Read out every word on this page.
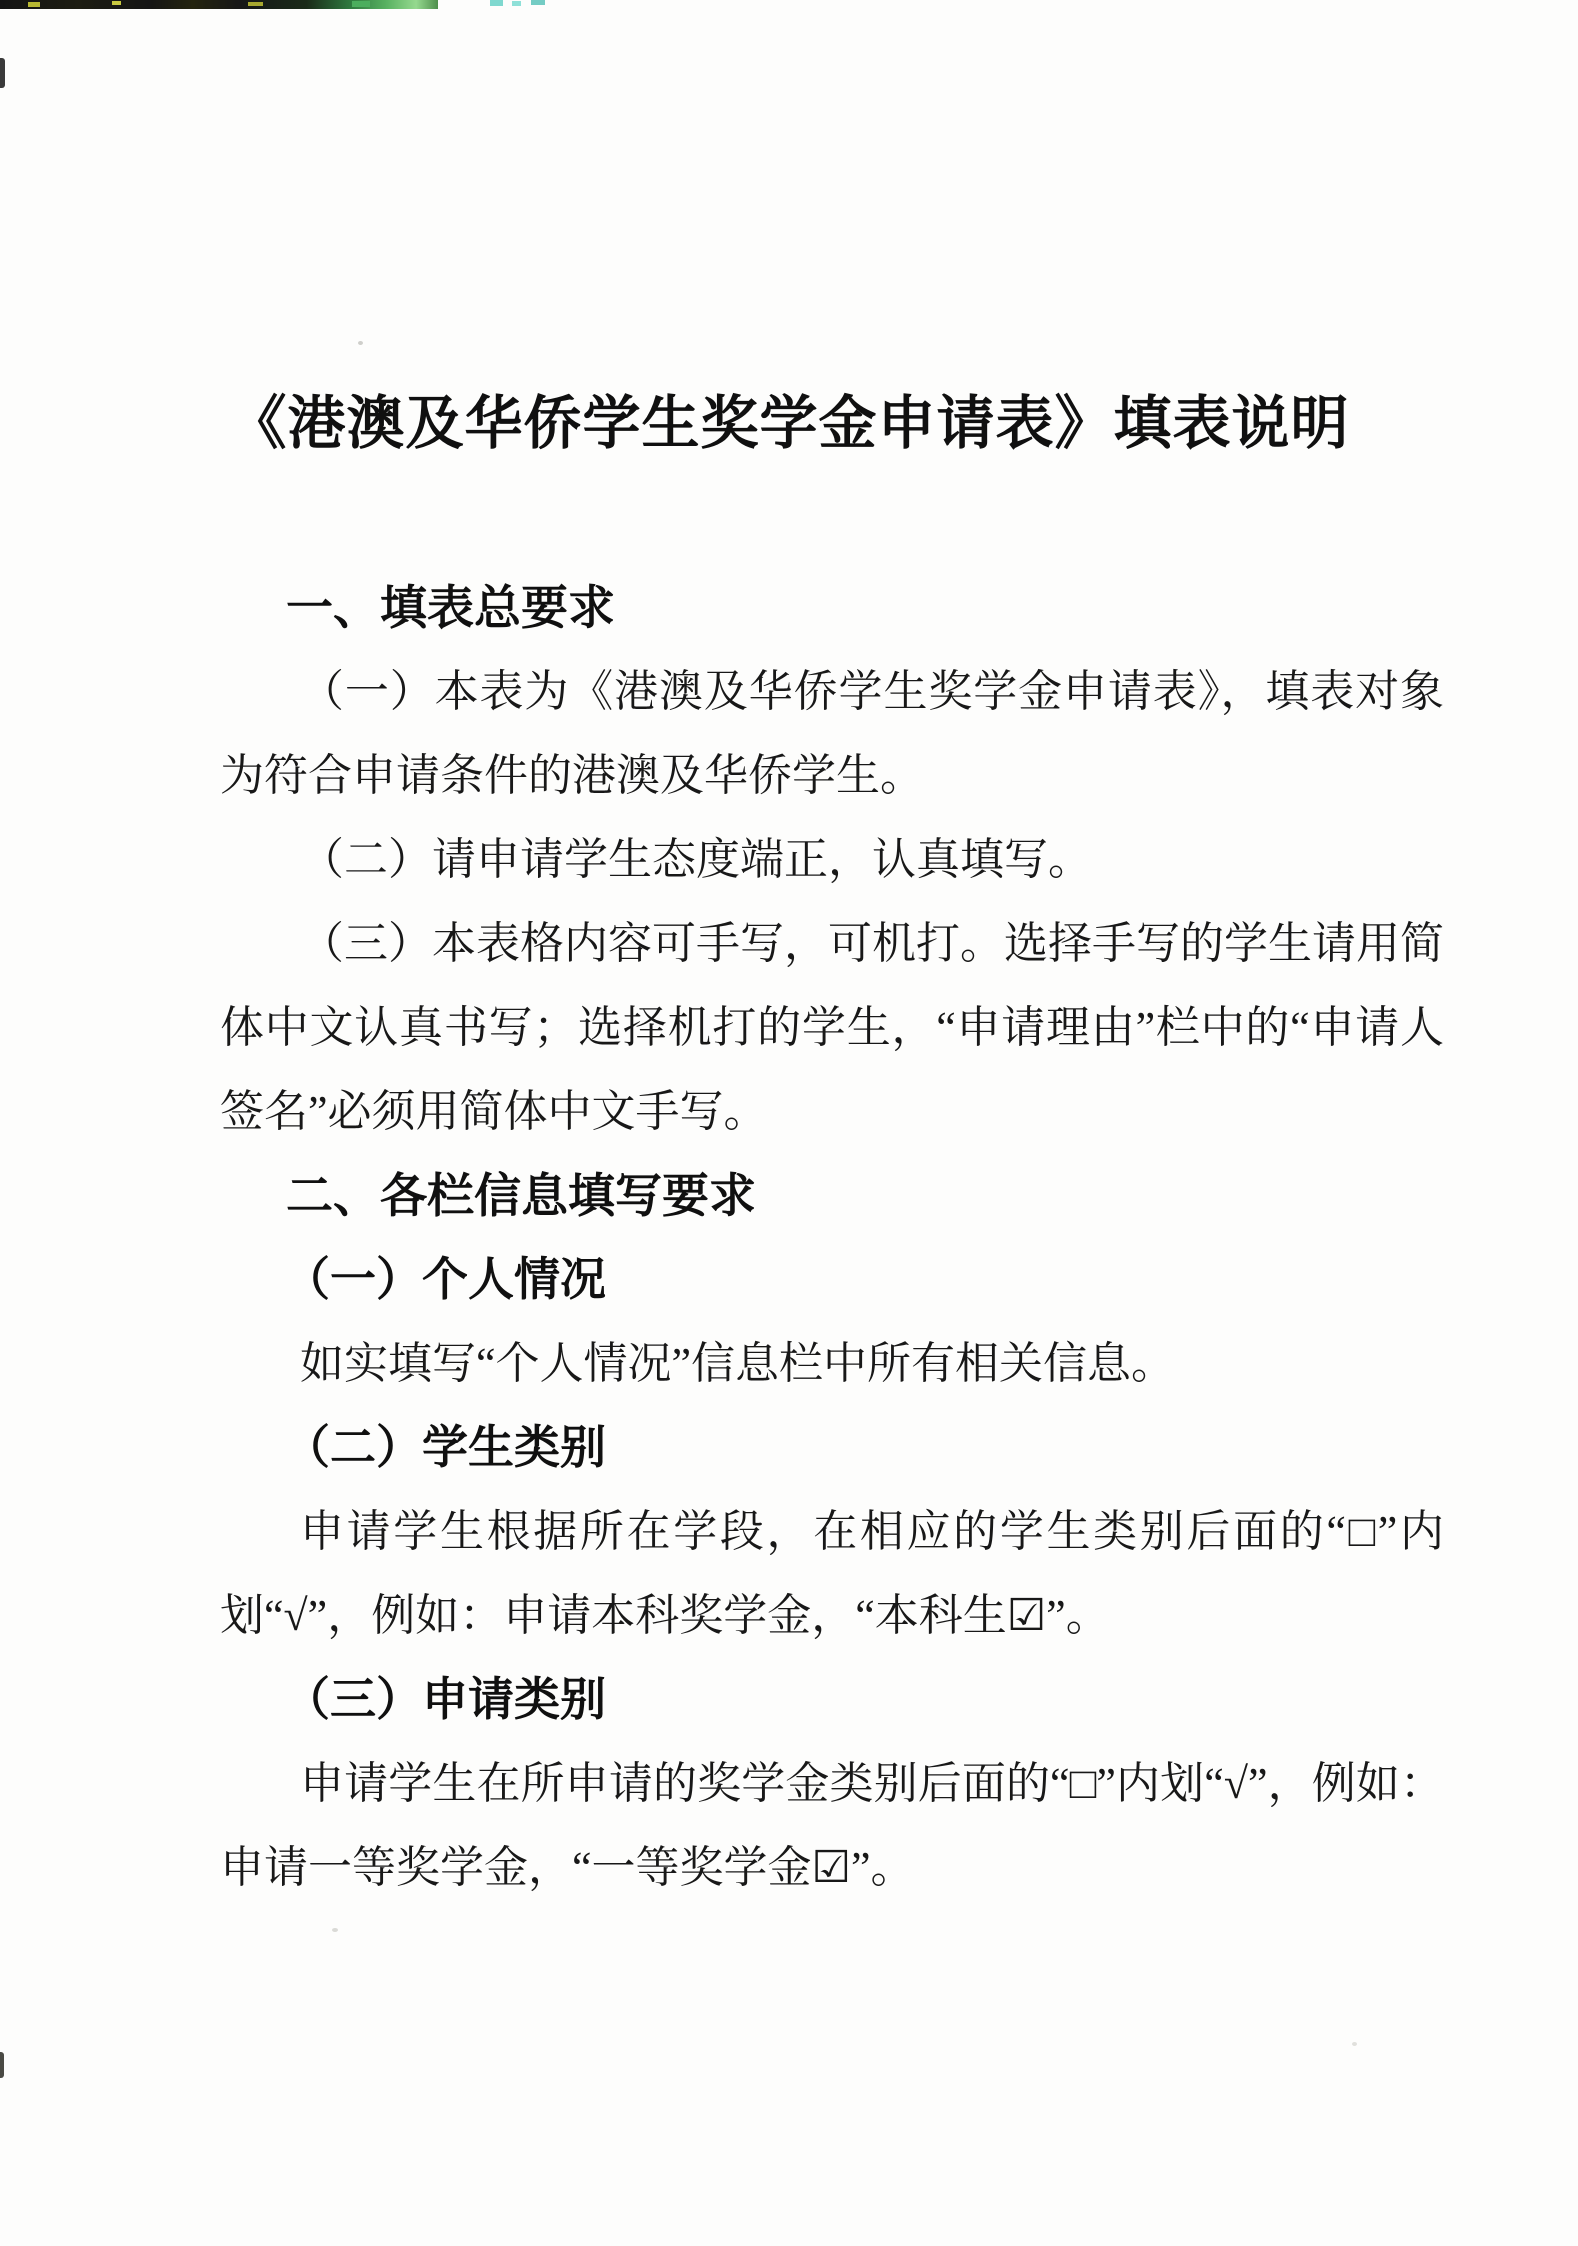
《港澳及华侨学生奖学金申请表》填表说明
一、填表总要求

（一）本表为《港澳及华侨学生奖学金申请表》，填表对象为符合申请条件的港澳及华侨学生。

（二）请申请学生态度端正，认真填写。

（三）本表格内容可手写，可机打。选择手写的学生请用简体中文认真书写；选择机打的学生，“申请理由”栏中的“申请人签名”必须用简体中文手写。

二、各栏信息填写要求
（一）个人情况

如实填写“个人情况”信息栏中所有相关信息。

（二）学生类别

申请学生根据所在学段，在相应的学生类别后面的“□”内划“√”，例如：申请本科奖学金，“本科生☑”。

（三）申请类别

申请学生在所申请的奖学金类别后面的“□”内划“√”，例如：申请一等奖学金，“一等奖学金☑”。
